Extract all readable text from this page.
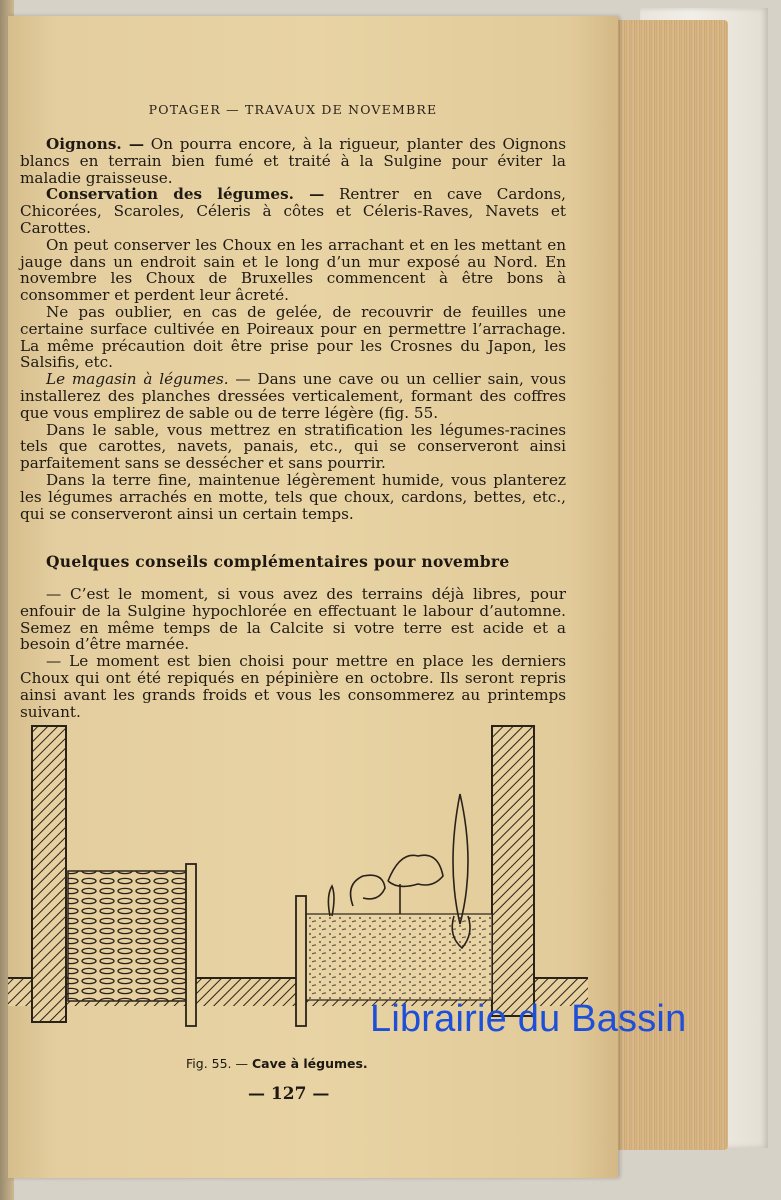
POTAGER — TRAVAUX DE NOVEMBRE

Oignons. — On pourra encore, à la rigueur, planter des Oignons blancs en terrain bien fumé et traité à la Sulgine pour éviter la maladie graisseuse.

Conservation des légumes. — Rentrer en cave Cardons, Chicorées, Scaroles, Céleris à côtes et Céleris-Raves, Navets et Carottes.

On peut conserver les Choux en les arrachant et en les mettant en jauge dans un endroit sain et le long d’un mur exposé au Nord. En novembre les Choux de Bruxelles commencent à être bons à consommer et perdent leur âcreté.

Ne pas oublier, en cas de gelée, de recouvrir de feuilles une certaine surface cultivée en Poireaux pour en permettre l’arrachage. La même précaution doit être prise pour les Crosnes du Japon, les Salsifis, etc.

Le magasin à légumes. — Dans une cave ou un cellier sain, vous installerez des planches dressées verticalement, formant des coffres que vous emplirez de sable ou de terre légère (fig. 55.

Dans le sable, vous mettrez en stratification les légumes-racines tels que carottes, navets, panais, etc., qui se conserveront ainsi parfaitement sans se dessécher et sans pourrir.

Dans la terre fine, maintenue légèrement humide, vous planterez les légumes arrachés en motte, tels que choux, cardons, bettes, etc., qui se conserveront ainsi un certain temps.

Quelques conseils complémentaires pour novembre

— C’est le moment, si vous avez des terrains déjà libres, pour enfouir de la Sulgine hypochlorée en effectuant le labour d’automne. Semez en même temps de la Calcite si votre terre est acide et a besoin d’être marnée.

— Le moment est bien choisi pour mettre en place les derniers Choux qui ont été repiqués en pépinière en octobre. Ils seront repris ainsi avant les grands froids et vous les consommerez au printemps suivant.

Fig. 55. — Cave à légumes.
— 127 —
Librairie du Bassin
